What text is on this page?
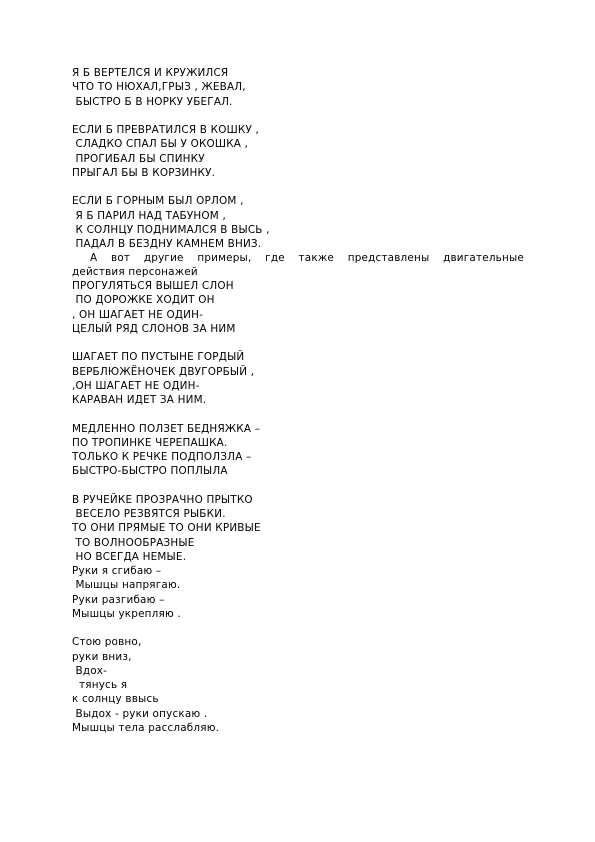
Я Б ВЕРТЕЛСЯ И КРУЖИЛСЯ
ЧТО ТО НЮХАЛ,ГРЫЗ , ЖЕВАЛ,
БЫСТРО Б В НОРКУ УБЕГАЛ.
ЕСЛИ Б ПРЕВРАТИЛСЯ В КОШКУ ,
СЛАДКО СПАЛ БЫ У ОКОШКА ,
ПРОГИБАЛ БЫ СПИНКУ
ПРЫГАЛ БЫ В КОРЗИНКУ.
ЕСЛИ Б ГОРНЫМ БЫЛ ОРЛОМ ,
Я Б ПАРИЛ НАД ТАБУНОМ ,
К СОЛНЦУ ПОДНИМАЛСЯ В ВЫСЬ ,
ПАДАЛ В БЕЗДНУ КАМНЕМ ВНИЗ.
А вот другие примеры, где также представлены двигательные
действия персонажей
ПРОГУЛЯТЬСЯ ВЫШЕЛ СЛОН
ПО ДОРОЖКЕ ХОДИТ ОН
, ОН ШАГАЕТ НЕ ОДИН-
ЦЕЛЫЙ РЯД СЛОНОВ ЗА НИМ
ШАГАЕТ ПО ПУСТЫНЕ ГОРДЫЙ
ВЕРБЛЮЖЁНОЧЕК ДВУГОРБЫЙ ,
,ОН ШАГАЕТ НЕ ОДИН-
КАРАВАН ИДЕТ ЗА НИМ.
МЕДЛЕННО ПОЛЗЕТ БЕДНЯЖКА –
ПО ТРОПИНКЕ ЧЕРЕПАШКА.
ТОЛЬКО К РЕЧКЕ ПОДПОЛЗЛА –
БЫСТРО-БЫСТРО ПОПЛЫЛА
В РУЧЕЙКЕ ПРОЗРАЧНО ПРЫТКО
ВЕСЕЛО РЕЗВЯТСЯ РЫБКИ.
ТО ОНИ ПРЯМЫЕ ТО ОНИ КРИВЫЕ
ТО ВОЛНООБРАЗНЫЕ
НО ВСЕГДА НЕМЫЕ.
Руки я сгибаю –
Мышцы напрягаю.
Руки разгибаю –
Мышцы укрепляю .
Стою ровно,
руки вниз,
Вдох-
тянусь я
к солнцу ввысь
Выдох - руки опускаю .
Мышцы тела расслабляю.
